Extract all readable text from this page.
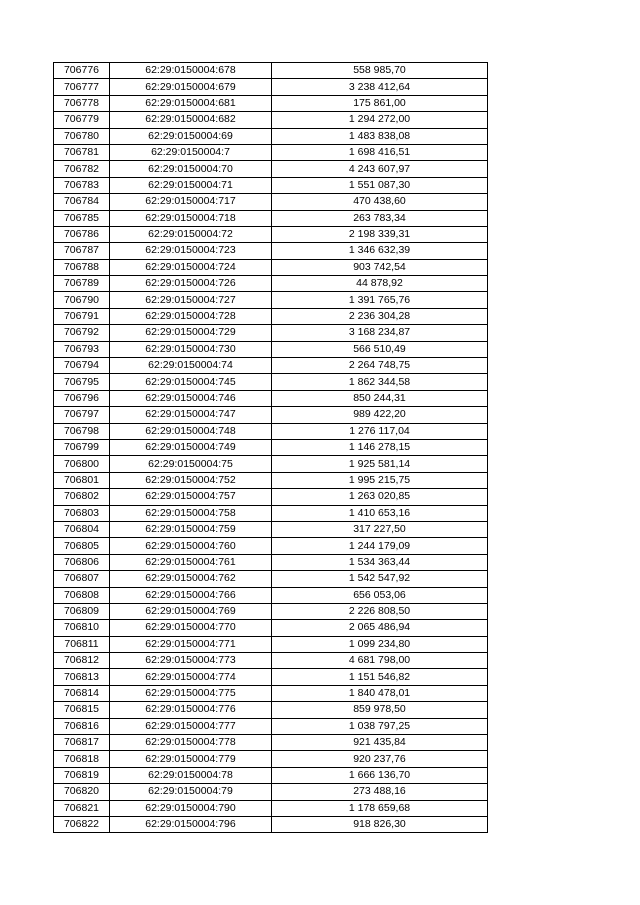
706776	62:29:0150004:678	558 985,70
706777	62:29:0150004:679	3 238 412,64
706778	62:29:0150004:681	175 861,00
706779	62:29:0150004:682	1 294 272,00
706780	62:29:0150004:69	1 483 838,08
706781	62:29:0150004:7	1 698 416,51
706782	62:29:0150004:70	4 243 607,97
706783	62:29:0150004:71	1 551 087,30
706784	62:29:0150004:717	470 438,60
706785	62:29:0150004:718	263 783,34
706786	62:29:0150004:72	2 198 339,31
706787	62:29:0150004:723	1 346 632,39
706788	62:29:0150004:724	903 742,54
706789	62:29:0150004:726	44 878,92
706790	62:29:0150004:727	1 391 765,76
706791	62:29:0150004:728	2 236 304,28
706792	62:29:0150004:729	3 168 234,87
706793	62:29:0150004:730	566 510,49
706794	62:29:0150004:74	2 264 748,75
706795	62:29:0150004:745	1 862 344,58
706796	62:29:0150004:746	850 244,31
706797	62:29:0150004:747	989 422,20
706798	62:29:0150004:748	1 276 117,04
706799	62:29:0150004:749	1 146 278,15
706800	62:29:0150004:75	1 925 581,14
706801	62:29:0150004:752	1 995 215,75
706802	62:29:0150004:757	1 263 020,85
706803	62:29:0150004:758	1 410 653,16
706804	62:29:0150004:759	317 227,50
706805	62:29:0150004:760	1 244 179,09
706806	62:29:0150004:761	1 534 363,44
706807	62:29:0150004:762	1 542 547,92
706808	62:29:0150004:766	656 053,06
706809	62:29:0150004:769	2 226 808,50
706810	62:29:0150004:770	2 065 486,94
706811	62:29:0150004:771	1 099 234,80
706812	62:29:0150004:773	4 681 798,00
706813	62:29:0150004:774	1 151 546,82
706814	62:29:0150004:775	1 840 478,01
706815	62:29:0150004:776	859 978,50
706816	62:29:0150004:777	1 038 797,25
706817	62:29:0150004:778	921 435,84
706818	62:29:0150004:779	920 237,76
706819	62:29:0150004:78	1 666 136,70
706820	62:29:0150004:79	273 488,16
706821	62:29:0150004:790	1 178 659,68
706822	62:29:0150004:796	918 826,30
